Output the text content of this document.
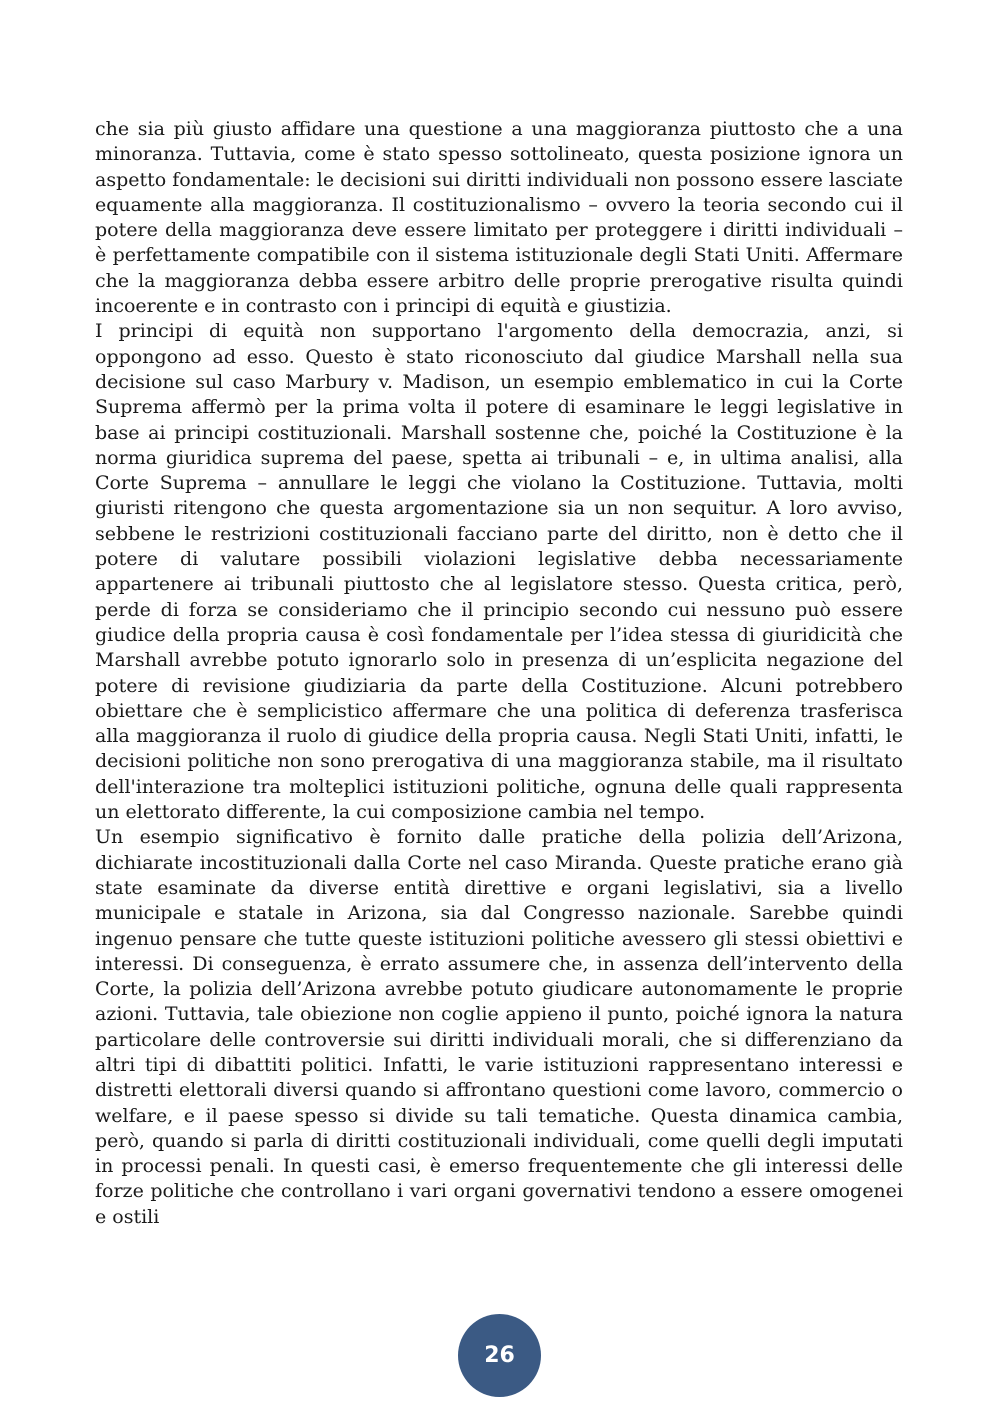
che sia più giusto affidare una questione a una maggioranza piuttosto che a una minoranza. Tuttavia, come è stato spesso sottolineato, questa posizione ignora un aspetto fondamentale: le decisioni sui diritti individuali non possono essere lasciate equamente alla maggioranza. Il costituzionalismo – ovvero la teoria secondo cui il potere della maggioranza deve essere limitato per proteggere i diritti individuali – è perfettamente compatibile con il sistema istituzionale degli Stati Uniti. Affermare che la maggioranza debba essere arbitro delle proprie prerogative risulta quindi incoerente e in contrasto con i principi di equità e giustizia.

I principi di equità non supportano l'argomento della democrazia, anzi, si oppongono ad esso. Questo è stato riconosciuto dal giudice Marshall nella sua decisione sul caso Marbury v. Madison, un esempio emblematico in cui la Corte Suprema affermò per la prima volta il potere di esaminare le leggi legislative in base ai principi costituzionali. Marshall sostenne che, poiché la Costituzione è la norma giuridica suprema del paese, spetta ai tribunali – e, in ultima analisi, alla Corte Suprema – annullare le leggi che violano la Costituzione. Tuttavia, molti giuristi ritengono che questa argomentazione sia un non sequitur. A loro avviso, sebbene le restrizioni costituzionali facciano parte del diritto, non è detto che il potere di valutare possibili violazioni legislative debba necessariamente appartenere ai tribunali piuttosto che al legislatore stesso. Questa critica, però, perde di forza se consideriamo che il principio secondo cui nessuno può essere giudice della propria causa è così fondamentale per l’idea stessa di giuridicità che Marshall avrebbe potuto ignorarlo solo in presenza di un’esplicita negazione del potere di revisione giudiziaria da parte della Costituzione. Alcuni potrebbero obiettare che è semplicistico affermare che una politica di deferenza trasferisca alla maggioranza il ruolo di giudice della propria causa. Negli Stati Uniti, infatti, le decisioni politiche non sono prerogativa di una maggioranza stabile, ma il risultato dell'interazione tra molteplici istituzioni politiche, ognuna delle quali rappresenta un elettorato differente, la cui composizione cambia nel tempo.

Un esempio significativo è fornito dalle pratiche della polizia dell’Arizona, dichiarate incostituzionali dalla Corte nel caso Miranda. Queste pratiche erano già state esaminate da diverse entità direttive e organi legislativi, sia a livello municipale e statale in Arizona, sia dal Congresso nazionale. Sarebbe quindi ingenuo pensare che tutte queste istituzioni politiche avessero gli stessi obiettivi e interessi. Di conseguenza, è errato assumere che, in assenza dell’intervento della Corte, la polizia dell’Arizona avrebbe potuto giudicare autonomamente le proprie azioni. Tuttavia, tale obiezione non coglie appieno il punto, poiché ignora la natura particolare delle controversie sui diritti individuali morali, che si differenziano da altri tipi di dibattiti politici. Infatti, le varie istituzioni rappresentano interessi e distretti elettorali diversi quando si affrontano questioni come lavoro, commercio o welfare, e il paese spesso si divide su tali tematiche. Questa dinamica cambia, però, quando si parla di diritti costituzionali individuali, come quelli degli imputati in processi penali. In questi casi, è emerso frequentemente che gli interessi delle forze politiche che controllano i vari organi governativi tendono a essere omogenei e ostili

26
